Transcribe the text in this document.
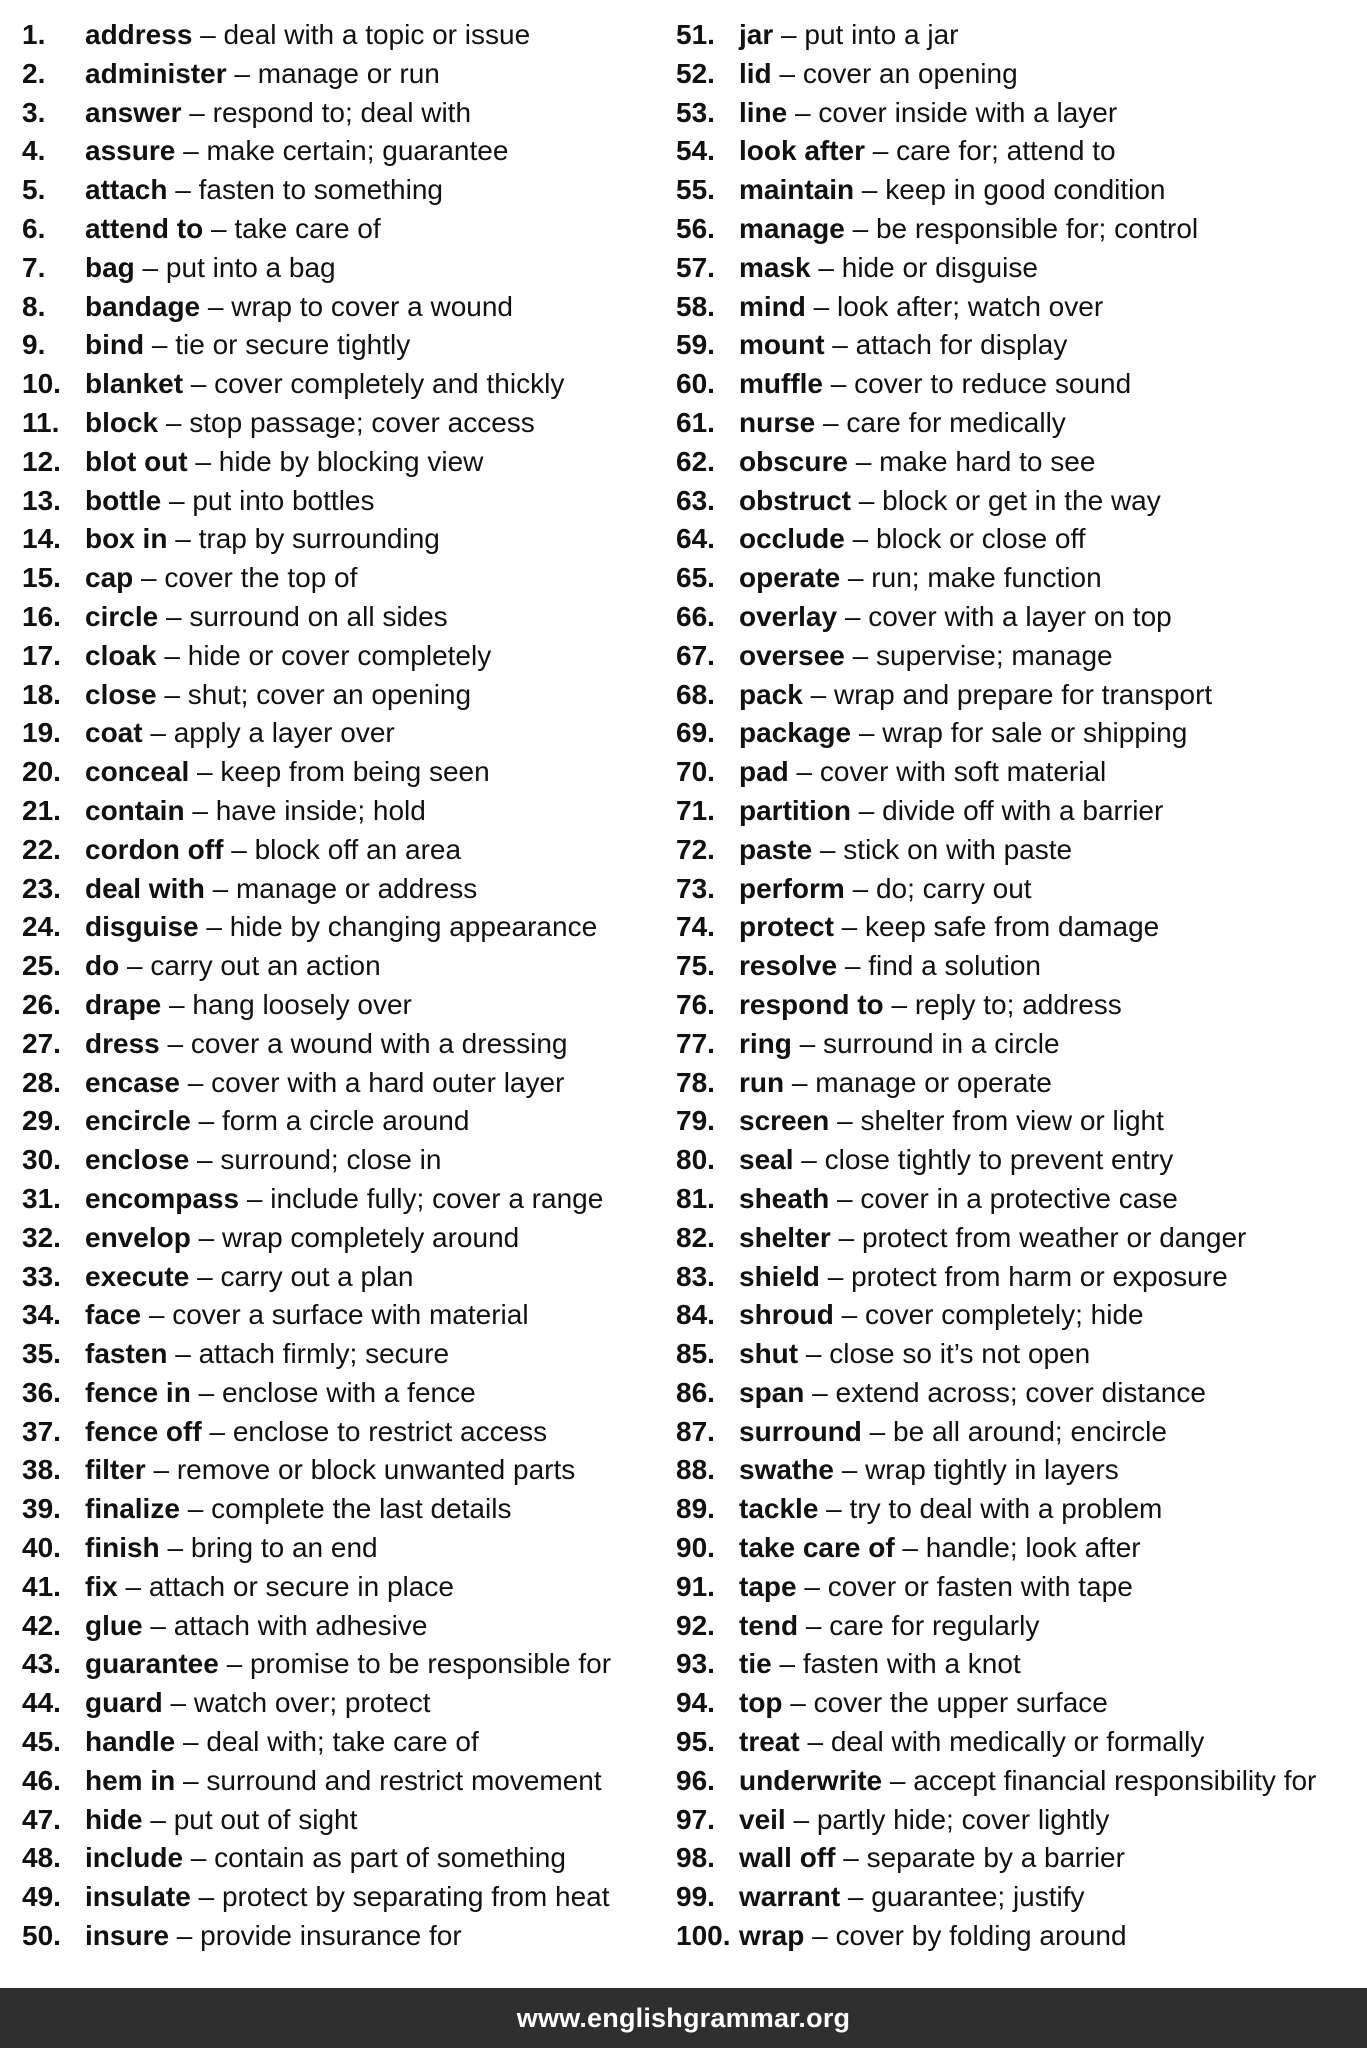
1. address – deal with a topic or issue
2. administer – manage or run
3. answer – respond to; deal with
4. assure – make certain; guarantee
5. attach – fasten to something
6. attend to – take care of
7. bag – put into a bag
8. bandage – wrap to cover a wound
9. bind – tie or secure tightly
10. blanket – cover completely and thickly
11. block – stop passage; cover access
12. blot out – hide by blocking view
13. bottle – put into bottles
14. box in – trap by surrounding
15. cap – cover the top of
16. circle – surround on all sides
17. cloak – hide or cover completely
18. close – shut; cover an opening
19. coat – apply a layer over
20. conceal – keep from being seen
21. contain – have inside; hold
22. cordon off – block off an area
23. deal with – manage or address
24. disguise – hide by changing appearance
25. do – carry out an action
26. drape – hang loosely over
27. dress – cover a wound with a dressing
28. encase – cover with a hard outer layer
29. encircle – form a circle around
30. enclose – surround; close in
31. encompass – include fully; cover a range
32. envelop – wrap completely around
33. execute – carry out a plan
34. face – cover a surface with material
35. fasten – attach firmly; secure
36. fence in – enclose with a fence
37. fence off – enclose to restrict access
38. filter – remove or block unwanted parts
39. finalize – complete the last details
40. finish – bring to an end
41. fix – attach or secure in place
42. glue – attach with adhesive
43. guarantee – promise to be responsible for
44. guard – watch over; protect
45. handle – deal with; take care of
46. hem in – surround and restrict movement
47. hide – put out of sight
48. include – contain as part of something
49. insulate – protect by separating from heat
50. insure – provide insurance for
51. jar – put into a jar
52. lid – cover an opening
53. line – cover inside with a layer
54. look after – care for; attend to
55. maintain – keep in good condition
56. manage – be responsible for; control
57. mask – hide or disguise
58. mind – look after; watch over
59. mount – attach for display
60. muffle – cover to reduce sound
61. nurse – care for medically
62. obscure – make hard to see
63. obstruct – block or get in the way
64. occlude – block or close off
65. operate – run; make function
66. overlay – cover with a layer on top
67. oversee – supervise; manage
68. pack – wrap and prepare for transport
69. package – wrap for sale or shipping
70. pad – cover with soft material
71. partition – divide off with a barrier
72. paste – stick on with paste
73. perform – do; carry out
74. protect – keep safe from damage
75. resolve – find a solution
76. respond to – reply to; address
77. ring – surround in a circle
78. run – manage or operate
79. screen – shelter from view or light
80. seal – close tightly to prevent entry
81. sheath – cover in a protective case
82. shelter – protect from weather or danger
83. shield – protect from harm or exposure
84. shroud – cover completely; hide
85. shut – close so it’s not open
86. span – extend across; cover distance
87. surround – be all around; encircle
88. swathe – wrap tightly in layers
89. tackle – try to deal with a problem
90. take care of – handle; look after
91. tape – cover or fasten with tape
92. tend – care for regularly
93. tie – fasten with a knot
94. top – cover the upper surface
95. treat – deal with medically or formally
96. underwrite – accept financial responsibility for
97. veil – partly hide; cover lightly
98. wall off – separate by a barrier
99. warrant – guarantee; justify
100. wrap – cover by folding around
www.englishgrammar.org
